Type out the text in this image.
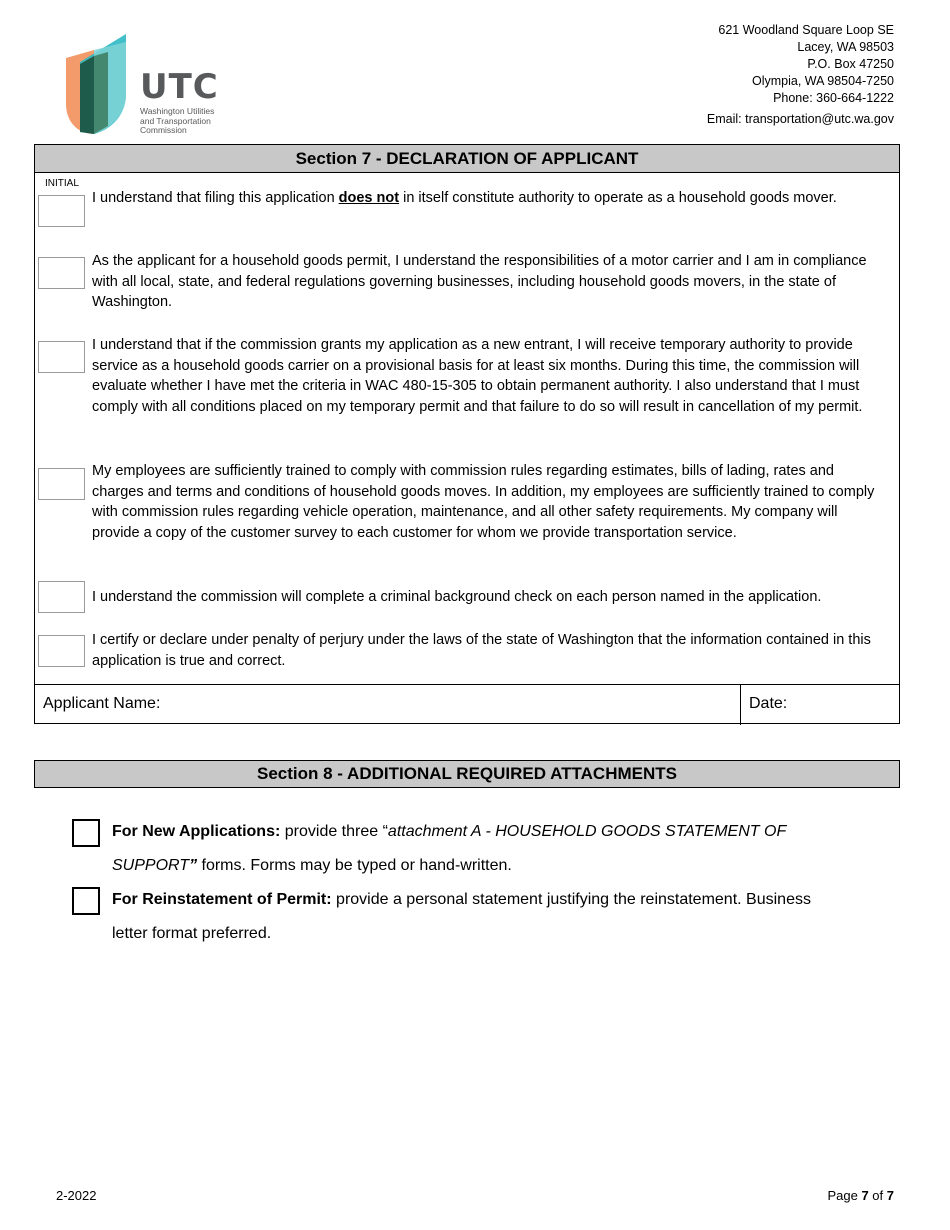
UTC
Washington Utilities
and Transportation
Commission
621 Woodland Square Loop SE
Lacey, WA 98503
P.O. Box 47250
Olympia, WA 98504-7250
Phone: 360-664-1222
Email: transportation@utc.wa.gov
Section 7 - DECLARATION OF APPLICANT
INITIAL
I understand that filing this application does not in itself constitute authority to operate as a household goods mover.
As the applicant for a household goods permit, I understand the responsibilities of a motor carrier and I am in compliance with all local, state, and federal regulations governing businesses, including household goods movers, in the state of Washington.
I understand that if the commission grants my application as a new entrant, I will receive temporary authority to provide service as a household goods carrier on a provisional basis for at least six months. During this time, the commission will evaluate whether I have met the criteria in WAC 480-15-305 to obtain permanent authority. I also understand that I must comply with all conditions placed on my temporary permit and that failure to do so will result in cancellation of my permit.
My employees are sufficiently trained to comply with commission rules regarding estimates, bills of lading, rates and charges and terms and conditions of household goods moves. In addition, my employees are sufficiently trained to comply with commission rules regarding vehicle operation, maintenance, and all other safety requirements. My company will provide a copy of the customer survey to each customer for whom we provide transportation service.
I understand the commission will complete a criminal background check on each person named in the application.
I certify or declare under penalty of perjury under the laws of the state of Washington that the information contained in this application is true and correct.
Applicant Name:	Date:
Section 8 - ADDITIONAL REQUIRED ATTACHMENTS
For New Applications: provide three “attachment A - HOUSEHOLD GOODS STATEMENT OF SUPPORT” forms. Forms may be typed or hand-written.
For Reinstatement of Permit: provide a personal statement justifying the reinstatement. Business letter format preferred.
2-2022	Page 7 of 7
